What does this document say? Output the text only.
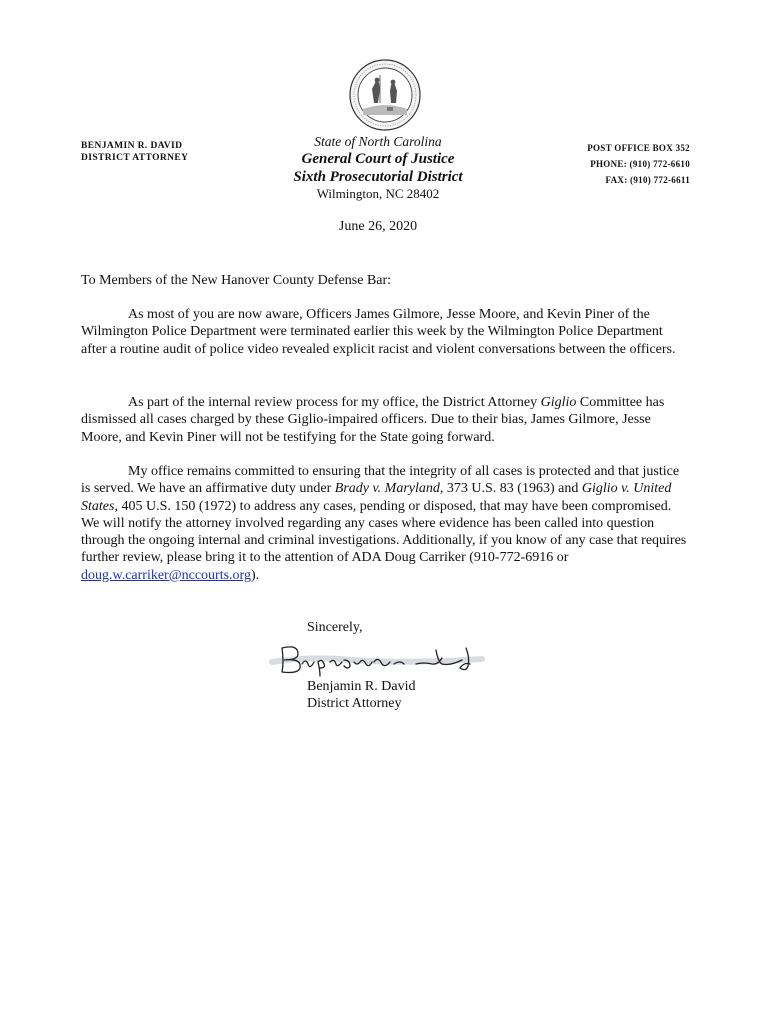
BENJAMIN R. DAVID
DISTRICT ATTORNEY
State of North Carolina
General Court of Justice
Sixth Prosecutorial District
Wilmington, NC 28402
POST OFFICE BOX 352
PHONE: (910) 772-6610
FAX: (910) 772-6611
June 26, 2020
To Members of the New Hanover County Defense Bar:

As most of you are now aware, Officers James Gilmore, Jesse Moore, and Kevin Piner of the Wilmington Police Department were terminated earlier this week by the Wilmington Police Department after a routine audit of police video revealed explicit racist and violent conversations between the officers.

As part of the internal review process for my office, the District Attorney Giglio Committee has dismissed all cases charged by these Giglio-impaired officers. Due to their bias, James Gilmore, Jesse Moore, and Kevin Piner will not be testifying for the State going forward.

My office remains committed to ensuring that the integrity of all cases is protected and that justice is served. We have an affirmative duty under Brady v. Maryland, 373 U.S. 83 (1963) and Giglio v. United States, 405 U.S. 150 (1972) to address any cases, pending or disposed, that may have been compromised. We will notify the attorney involved regarding any cases where evidence has been called into question through the ongoing internal and criminal investigations. Additionally, if you know of any case that requires further review, please bring it to the attention of ADA Doug Carriker (910-772-6916 or doug.w.carriker@nccourts.org).

Sincerely,
Benjamin R. David
District Attorney
